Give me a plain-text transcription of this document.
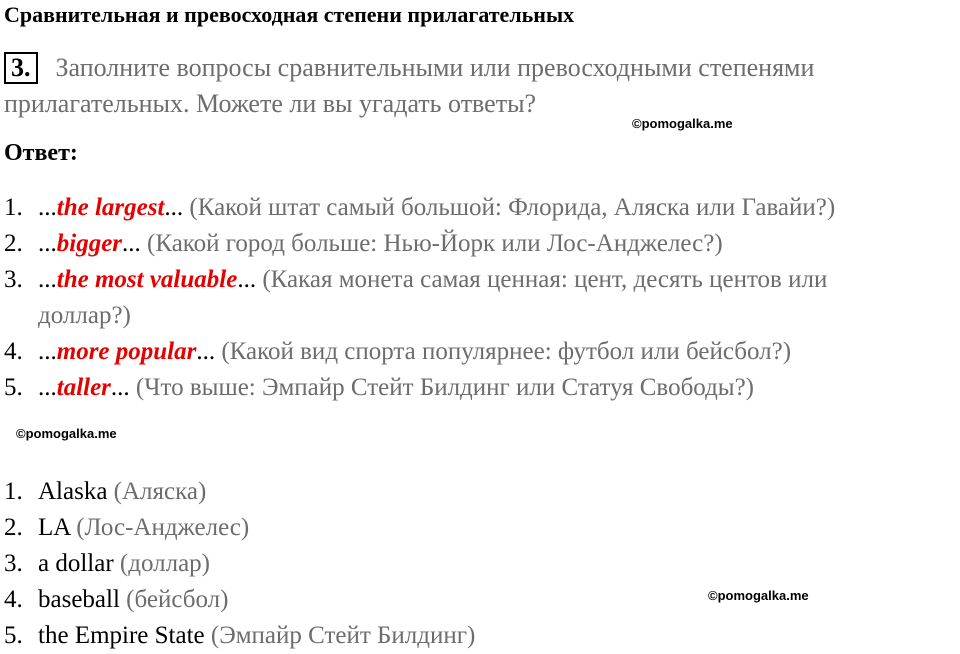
Сравнительная и превосходная степени прилагательных
3. Заполните вопросы сравнительными или превосходными степенями
прилагательных. Можете ли вы угадать ответы?
©pomogalka.me
Ответ:
1. ...the largest... (Какой штат самый большой: Флорида, Аляска или Гавайи?)
2. ...bigger... (Какой город больше: Нью-Йорк или Лос-Анджелес?)
3. ...the most valuable... (Какая монета самая ценная: цент, десять центов или
доллар?)
4. ...more popular... (Какой вид спорта популярнее: футбол или бейсбол?)
5. ...taller... (Что выше: Эмпайр Стейт Билдинг или Статуя Свободы?)
©pomogalka.me
1. Alaska (Аляска)
2. LA (Лос-Анджелес)
3. a dollar (доллар)
4. baseball (бейсбол)
5. the Empire State (Эмпайр Стейт Билдинг)
©pomogalka.me
